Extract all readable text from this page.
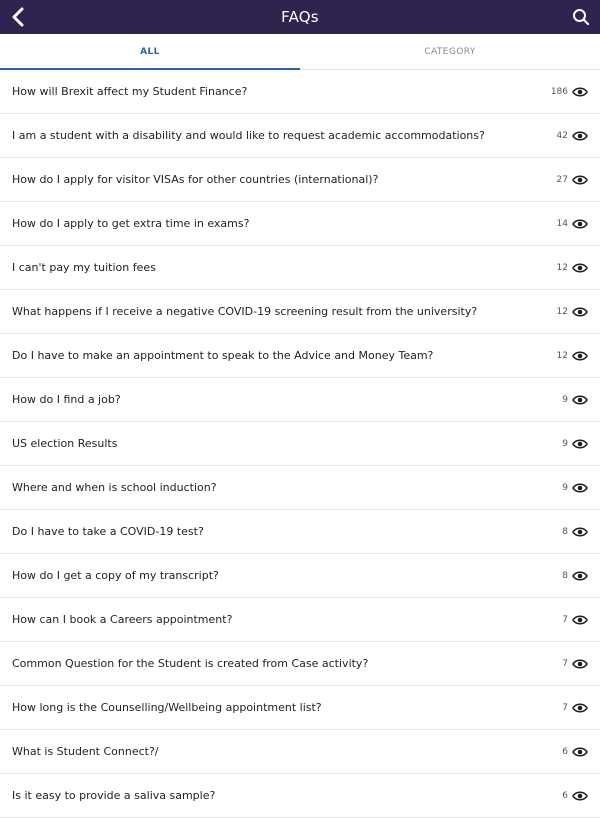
FAQs
ALL	CATEGORY
How will Brexit affect my Student Finance?	186
I am a student with a disability and would like to request academic accommodations?	42
How do I apply for visitor VISAs for other countries (international)?	27
How do I apply to get extra time in exams?	14
I can't pay my tuition fees	12
What happens if I receive a negative COVID-19 screening result from the university?	12
Do I have to make an appointment to speak to the Advice and Money Team?	12
How do I find a job?	9
US election Results	9
Where and when is school induction?	9
Do I have to take a COVID-19 test?	8
How do I get a copy of my transcript?	8
How can I book a Careers appointment?	7
Common Question for the Student is created from Case activity?	7
How long is the Counselling/Wellbeing appointment list?	7
What is Student Connect?/	6
Is it easy to provide a saliva sample?	6
